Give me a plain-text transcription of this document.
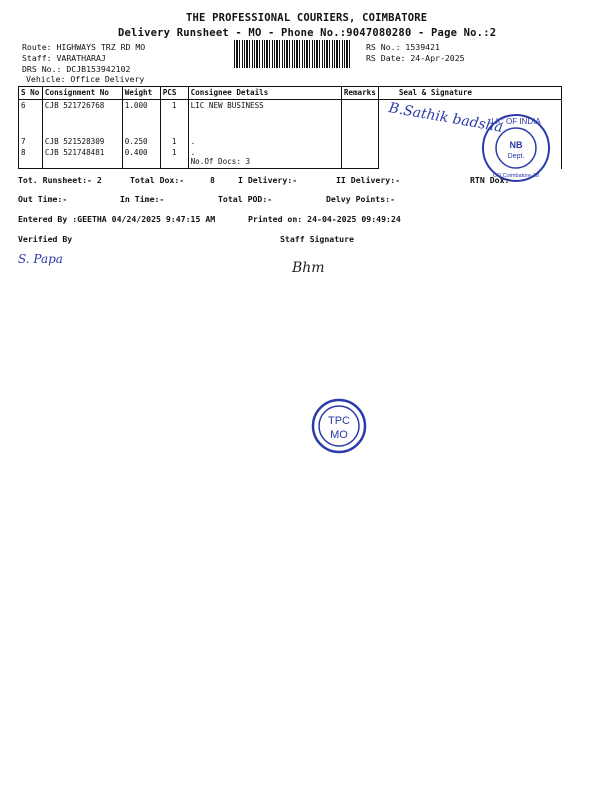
THE PROFESSIONAL COURIERS, COIMBATORE
Delivery Runsheet - MO - Phone No.:9047080280 - Page No.:2
Route: HIGHWAYS TRZ RD MO
Staff: VARATHARAJ
DRS No.: DCJB153942102
Vehicle: Office Delivery
RS No.: 1539421
RS Date: 24-Apr-2025
S No	Consignment No	Weight	PCS	Consignee Details	Remarks	Seal & Signature
6	CJB 521726768	1.000	1	LIC NEW BUSINESS		
7	CJB 521528309	0.250	1	.		
8	CJB 521748481	0.400	1	.
No.Of Docs: 3		

B.Sathik badsha
LIC OF INDIA
NB
Dept.
CO Coimbatore-18
Tot. Runsheet:- 2	Total Dox:-	8	I Delivery:-	II Delivery:-	RTN Dox:
Out Time:-	In Time:-	Total POD:-	Delvy Points:-
Entered By :GEETHA 04/24/2025 9:47:15 AM	Printed on: 24-04-2025 09:49:24
Verified By	Staff Signature
S. Papa
Bhm
TPC
MO
